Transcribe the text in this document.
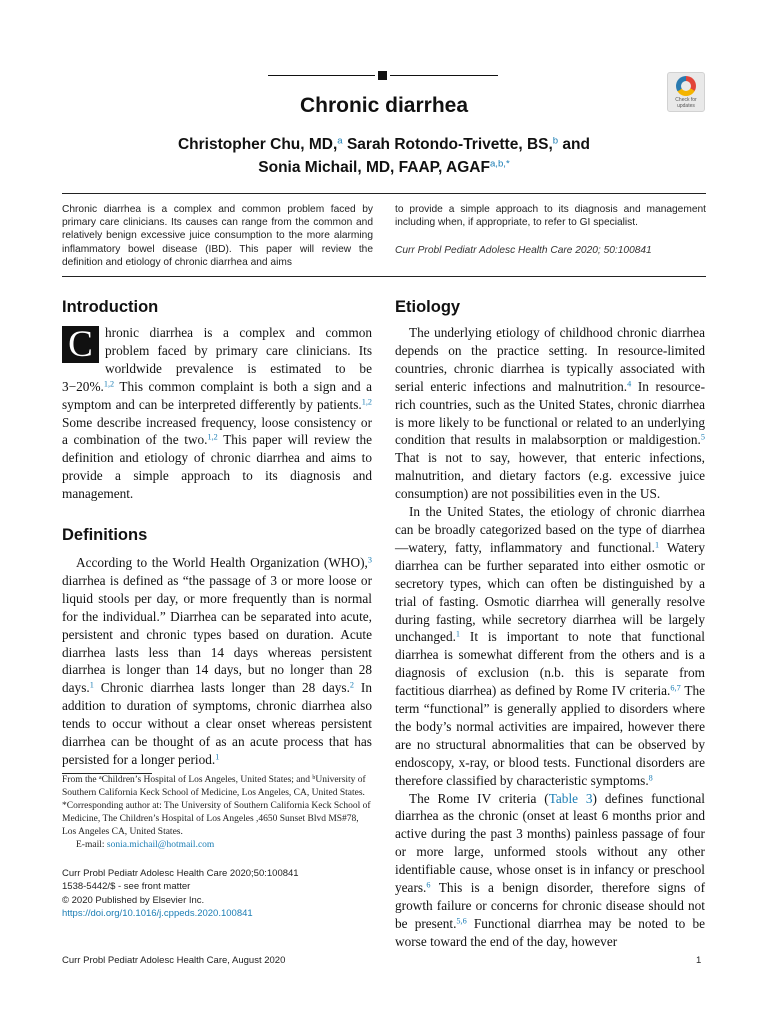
Check for updates
Chronic diarrhea
Christopher Chu, MD,$^a$ Sarah Rotondo-Trivette, BS,$^b$ and
Sonia Michail, MD, FAAP, $AGAF^{a,b,*}$
Chronic diarrhea is a complex and common problem faced by primary care clinicians. Its causes can range from the common and relatively benign excessive juice consumption to the more alarming inflammatory bowel disease (IBD). This paper will review the definition and etiology of chronic diarrhea and aims
to provide a simple approach to its diagnosis and management including when, if appropriate, to refer to GI specialist.
Curr Probl Pediatr Adolesc Health Care 2020; 50:100841
Introduction

C hronic diarrhea is a complex and common problem faced by primary care clinicians. Its worldwide prevalence is estimated to be 3−20%.$^{1,2}$ This common complaint is both a sign and a symptom and can be interpreted differently by patients.$^{1,2}$ Some describe increased frequency, loose consistency or a combination of the two.$^{1,2}$ This paper will review the definition and etiology of chronic diarrhea and aims to provide a simple approach to its diagnosis and management.

Definitions

According to the World Health Organization (WHO),$^3$ diarrhea is defined as “the passage of 3 or more loose or liquid stools per day, or more frequently than is normal for the individual.” Diarrhea can be separated into acute, persistent and chronic types based on duration. Acute diarrhea lasts less than 14 days whereas persistent diarrhea is longer than 14 days, but no longer than 28 days.$^1$ Chronic diarrhea lasts longer than 28 days.$^2$ In addition to duration of symptoms, chronic diarrhea also tends to occur without a clear onset whereas persistent diarrhea can be thought of as an acute process that has persisted for a longer period.$^1$

From the $^a$Children’s Hospital of Los Angeles, United States; and $^b$University of Southern California Keck School of Medicine, Los Angeles, CA, United States.

*Corresponding author at: The University of Southern California Keck School of Medicine, The Children’s Hospital of Los Angeles ,4650 Sunset Blvd MS#78, Los Angeles CA, United States.

E-mail: sonia.michail@hotmail.com

Curr Probl Pediatr Adolesc Health Care 2020;50:100841
1538-5442/$ - see front matter
© 2020 Published by Elsevier Inc.
https://doi.org/10.1016/j.cppeds.2020.100841
Etiology

The underlying etiology of childhood chronic diarrhea depends on the practice setting. In resource-limited countries, chronic diarrhea is typically associated with serial enteric infections and malnutrition.$^4$ In resource-rich countries, such as the United States, chronic diarrhea is more likely to be functional or related to an underlying condition that results in malabsorption or maldigestion.$^5$ That is not to say, however, that enteric infections, malnutrition, and dietary factors (e.g. excessive juice consumption) are not possibilities even in the US.

In the United States, the etiology of chronic diarrhea can be broadly categorized based on the type of diarrhea—watery, fatty, inflammatory and functional.$^1$ Watery diarrhea can be further separated into either osmotic or secretory types, which can often be distinguished by a trial of fasting. Osmotic diarrhea will generally resolve during fasting, while secretory diarrhea will be largely unchanged.$^1$ It is important to note that functional diarrhea is somewhat different from the others and is a diagnosis of exclusion (n.b. this is separate from factitious diarrhea) as defined by Rome IV criteria.$^{6,7}$ The term “functional” is generally applied to disorders where the body’s normal activities are impaired, however there are no structural abnormalities that can be observed by endoscopy, x-ray, or blood tests. Functional disorders are therefore classified by characteristic symptoms.$^8$

The Rome IV criteria (Table 3) defines functional diarrhea as the chronic (onset at least 6 months prior and active during the past 3 months) painless passage of four or more large, unformed stools without any other identifiable cause, whose onset is in infancy or preschool years.$^6$ This is a benign disorder, therefore signs of growth failure or concerns for chronic disease should not be present.$^{5,6}$ Functional diarrhea may be noted to be worse toward the end of the day, however

Curr Probl Pediatr Adolesc Health Care, August 2020	1
